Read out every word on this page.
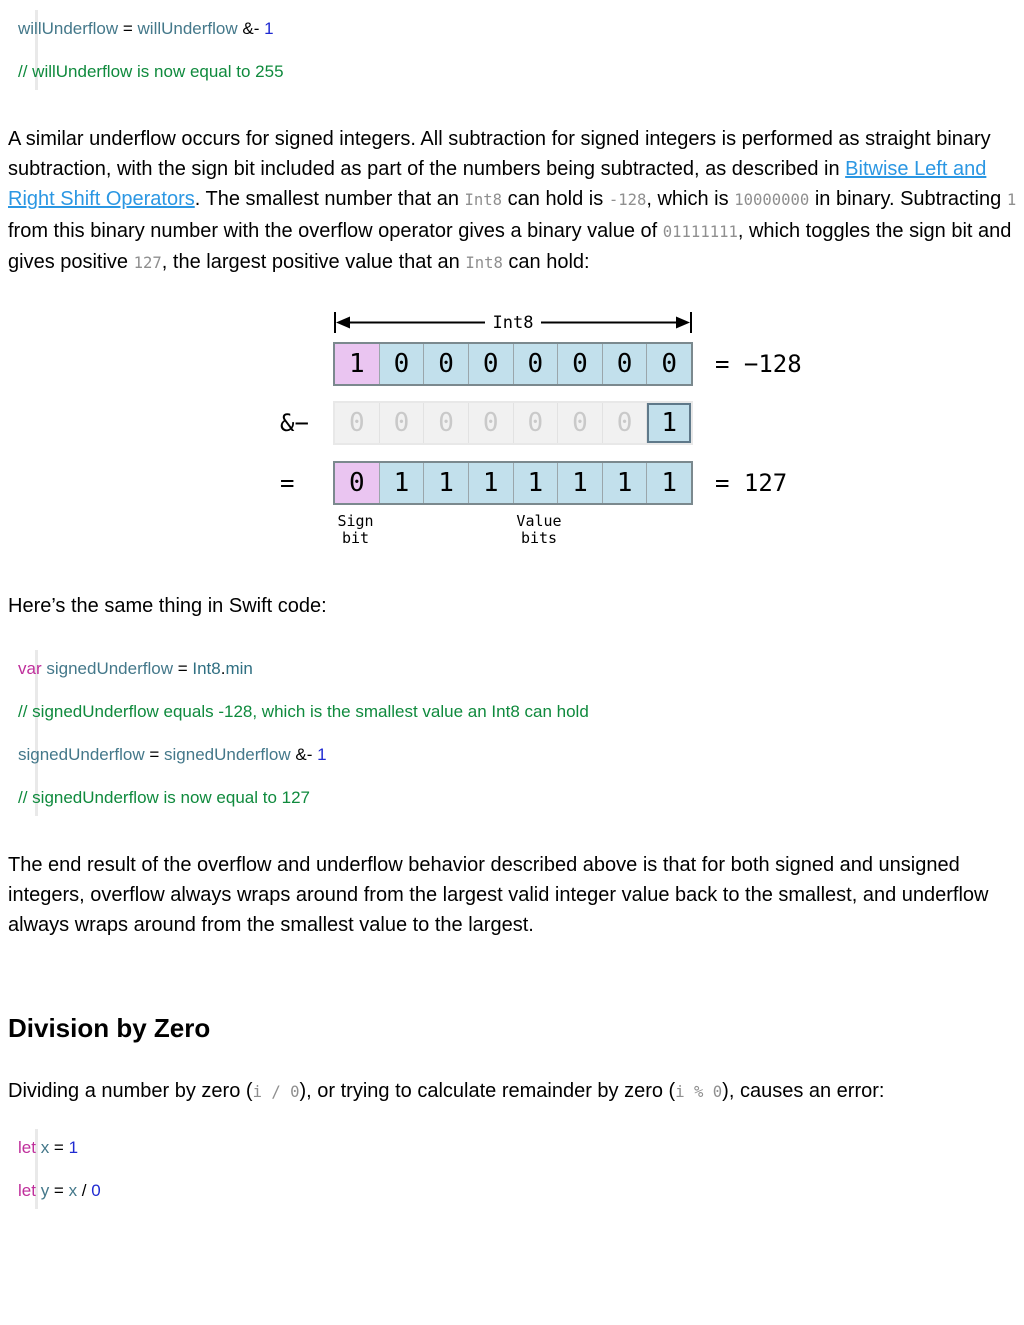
willUnderflow = willUnderflow &- 1
// willUnderflow is now equal to 255

A similar underflow occurs for signed integers. All subtraction for signed integers is performed as straight binary subtraction, with the sign bit included as part of the numbers being subtracted, as described in Bitwise Left and Right Shift Operators. The smallest number that an Int8 can hold is -128, which is 10000000 in binary. Subtracting 1 from this binary number with the overflow operator gives a binary value of 01111111, which toggles the sign bit and gives positive 127, the largest positive value that an Int8 can hold:

Int8
1	0	0	0	0	0	0	0	= −128
&−	0	0	0	0	0	0	0	1
=	0	1	1	1	1	1	1	1	= 127
Sign
bit
Value
bits

Here’s the same thing in Swift code:

var signedUnderflow = Int8.min
// signedUnderflow equals -128, which is the smallest value an Int8 can hold
signedUnderflow = signedUnderflow &- 1
// signedUnderflow is now equal to 127

The end result of the overflow and underflow behavior described above is that for both signed and unsigned integers, overflow always wraps around from the largest valid integer value back to the smallest, and underflow always wraps around from the smallest value to the largest.

Division by Zero

Dividing a number by zero (i / 0), or trying to calculate remainder by zero (i % 0), causes an error:

let x = 1
let y = x / 0
